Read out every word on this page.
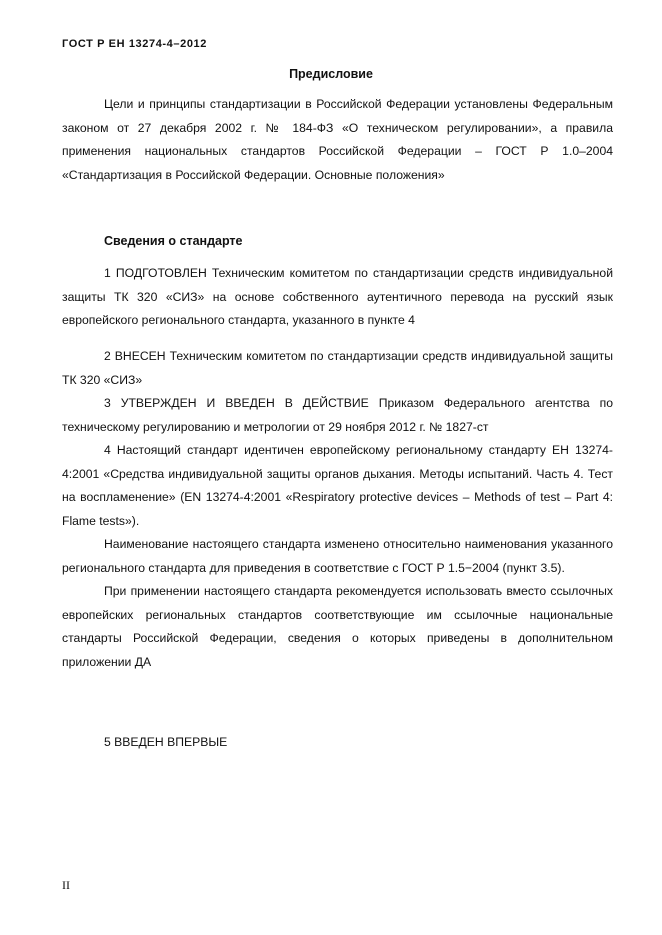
ГОСТ Р ЕН 13274-4–2012
Предисловие

Цели и принципы стандартизации в Российской Федерации установлены Федеральным законом от 27 декабря 2002 г. № 184-ФЗ «О техническом регулировании», а правила применения национальных стандартов Российской Федерации – ГОСТ Р 1.0–2004 «Стандартизация в Российской Федерации. Основные положения»

Сведения о стандарте

1 ПОДГОТОВЛЕН Техническим комитетом по стандартизации средств индивидуальной защиты ТК 320 «СИЗ» на основе собственного аутентичного перевода на русский язык европейского регионального стандарта, указанного в пункте 4

2 ВНЕСЕН Техническим комитетом по стандартизации средств индивидуальной защиты ТК 320 «СИЗ»

3 УТВЕРЖДЕН И ВВЕДЕН В ДЕЙСТВИЕ Приказом Федерального агентства по техническому регулированию и метрологии от 29 ноября 2012 г. № 1827-ст

4 Настоящий стандарт идентичен европейскому региональному стандарту ЕН 13274-4:2001 «Средства индивидуальной защиты органов дыхания. Методы испытаний. Часть 4. Тест на воспламенение» (EN 13274-4:2001 «Respiratory protective devices – Methods of test – Part 4: Flame tests»).

Наименование настоящего стандарта изменено относительно наименования указанного регионального стандарта для приведения в соответствие с ГОСТ Р 1.5−2004 (пункт 3.5).

При применении настоящего стандарта рекомендуется использовать вместо ссылочных европейских региональных стандартов соответствующие им ссылочные национальные стандарты Российской Федерации, сведения о которых приведены в дополнительном приложении ДА

5 ВВЕДЕН ВПЕРВЫЕ

II
